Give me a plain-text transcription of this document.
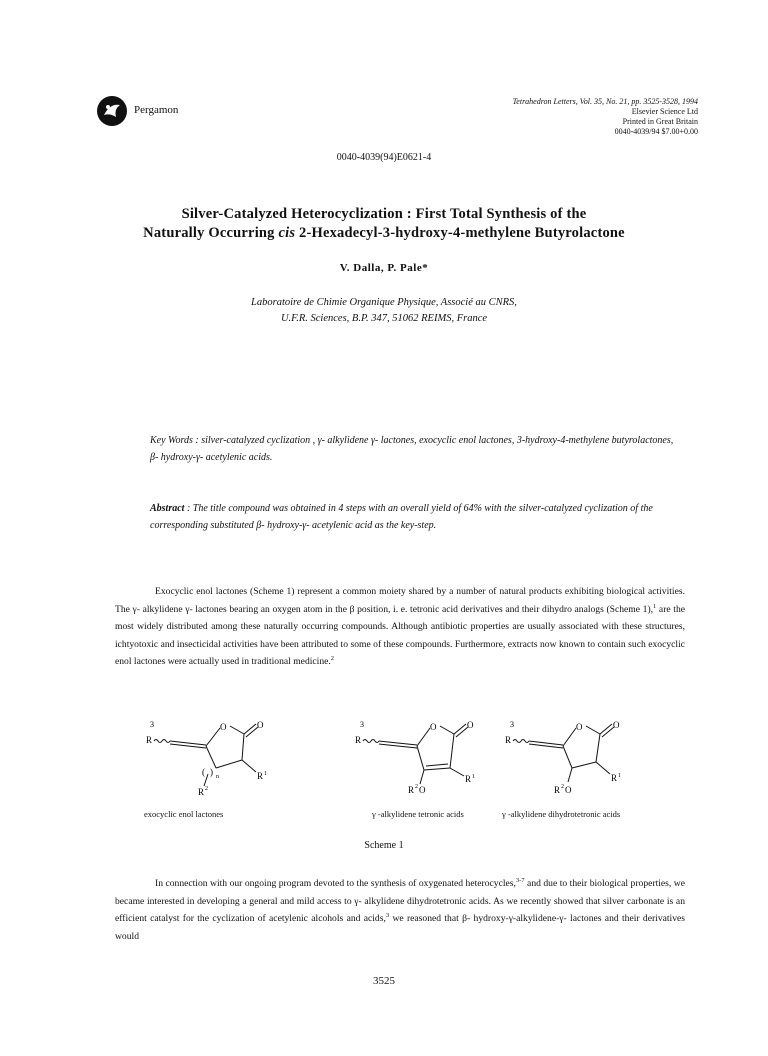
Pergamon
Tetrahedron Letters, Vol. 35, No. 21, pp. 3525-3528, 1994
Elsevier Science Ltd
Printed in Great Britain
0040-4039/94 $7.00+0.00
0040-4039(94)E0621-4
Silver-Catalyzed Heterocyclization : First Total Synthesis of the
Naturally Occurring cis 2-Hexadecyl-3-hydroxy-4-methylene Butyrolactone
V. Dalla, P. Pale*
Laboratoire de Chimie Organique Physique, Associé au CNRS,
U.F.R. Sciences, B.P. 347, 51062 REIMS, France
Key Words : silver-catalyzed cyclization , γ- alkylidene γ- lactones, exocyclic enol lactones, 3-hydroxy-4-methylene butyrolactones, β- hydroxy-γ- acetylenic acids.
Abstract : The title compound was obtained in 4 steps with an overall yield of 64% with the silver-catalyzed cyclization of the corresponding substituted β- hydroxy-γ- acetylenic acid as the key-step.
Exocyclic enol lactones (Scheme 1) represent a common moiety shared by a number of natural products exhibiting biological activities. The γ- alkylidene γ- lactones bearing an oxygen atom in the β position, i. e. tetronic acid derivatives and their dihydro analogs (Scheme 1),$^1$ are the most widely distributed among these naturally occurring compounds. Although antibiotic properties are usually associated with these structures, ichtyotoxic and insecticidal activities have been attributed to some of these compounds. Furthermore, extracts now known to contain such exocyclic enol lactones were actually used in traditional medicine.$^2$
3
R
O	O
R 1
( ) n
R 2
3
R
O	O
R 1
R 2 O
3
R
O	O
R 1
R 2 O
exocyclic enol lactones	γ -alkylidene tetronic acids	γ -alkylidene dihydrotetronic acids
Scheme 1
In connection with our ongoing program devoted to the synthesis of oxygenated heterocycles,$^{3-7}$ and due to their biological properties, we became interested in developing a general and mild access to γ- alkylidene dihydrotetronic acids. As we recently showed that silver carbonate is an efficient catalyst for the cyclization of acetylenic alcohols and acids,$^3$ we reasoned that β- hydroxy-γ-alkylidene-γ- lactones and their derivatives would
3525
